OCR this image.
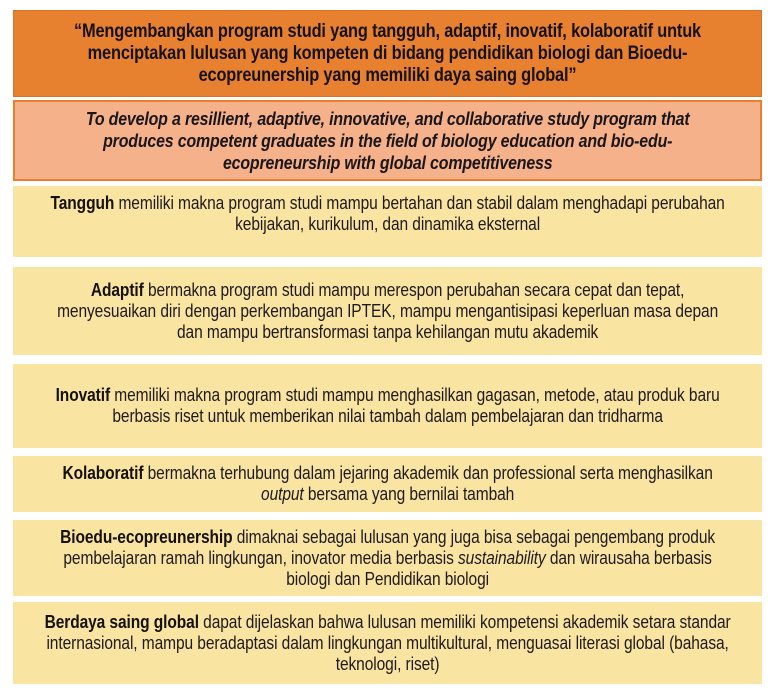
“Mengembangkan program studi yang tangguh, adaptif, inovatif, kolaboratif untuk menciptakan lulusan yang kompeten di bidang pendidikan biologi dan Bioedu-ecopreunership yang memiliki daya saing global”

To develop a resillient, adaptive, innovative, and collaborative study program that produces competent graduates in the field of biology education and bio-edu-ecopreneurship with global competitiveness

Tangguh memiliki makna program studi mampu bertahan dan stabil dalam menghadapi perubahan kebijakan, kurikulum, dan dinamika eksternal

Adaptif bermakna program studi mampu merespon perubahan secara cepat dan tepat, menyesuaikan diri dengan perkembangan IPTEK, mampu mengantisipasi keperluan masa depan dan mampu bertransformasi tanpa kehilangan mutu akademik

Inovatif memiliki makna program studi mampu menghasilkan gagasan, metode, atau produk baru berbasis riset untuk memberikan nilai tambah dalam pembelajaran dan tridharma

Kolaboratif bermakna terhubung dalam jejaring akademik dan professional serta menghasilkan output bersama yang bernilai tambah

Bioedu-ecopreunership dimaknai sebagai lulusan yang juga bisa sebagai pengembang produk pembelajaran ramah lingkungan, inovator media berbasis sustainability dan wirausaha berbasis biologi dan Pendidikan biologi

Berdaya saing global dapat dijelaskan bahwa lulusan memiliki kompetensi akademik setara standar internasional, mampu beradaptasi dalam lingkungan multikultural, menguasai literasi global (bahasa, teknologi, riset)
